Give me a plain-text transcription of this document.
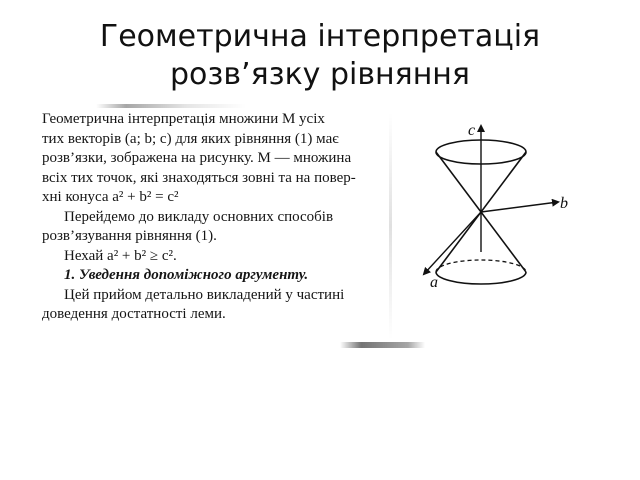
Геометрична інтерпретація розв’язку рівняння
Геометрична інтерпретація множини M усіх
тих векторів (a; b; c) для яких рівняння (1) має
розв’язки, зображена на рисунку. M — множина
всіх тих точок, які знаходяться зовні та на повер-
хні конуса a² + b² = c²
Перейдемо до викладу основних способів
розв’язування рівняння (1).
Нехай a² + b² ≥ c².
1. Уведення допоміжного аргументу.
Цей прийом детально викладений у частині
доведення достатності леми.
c
b
a
